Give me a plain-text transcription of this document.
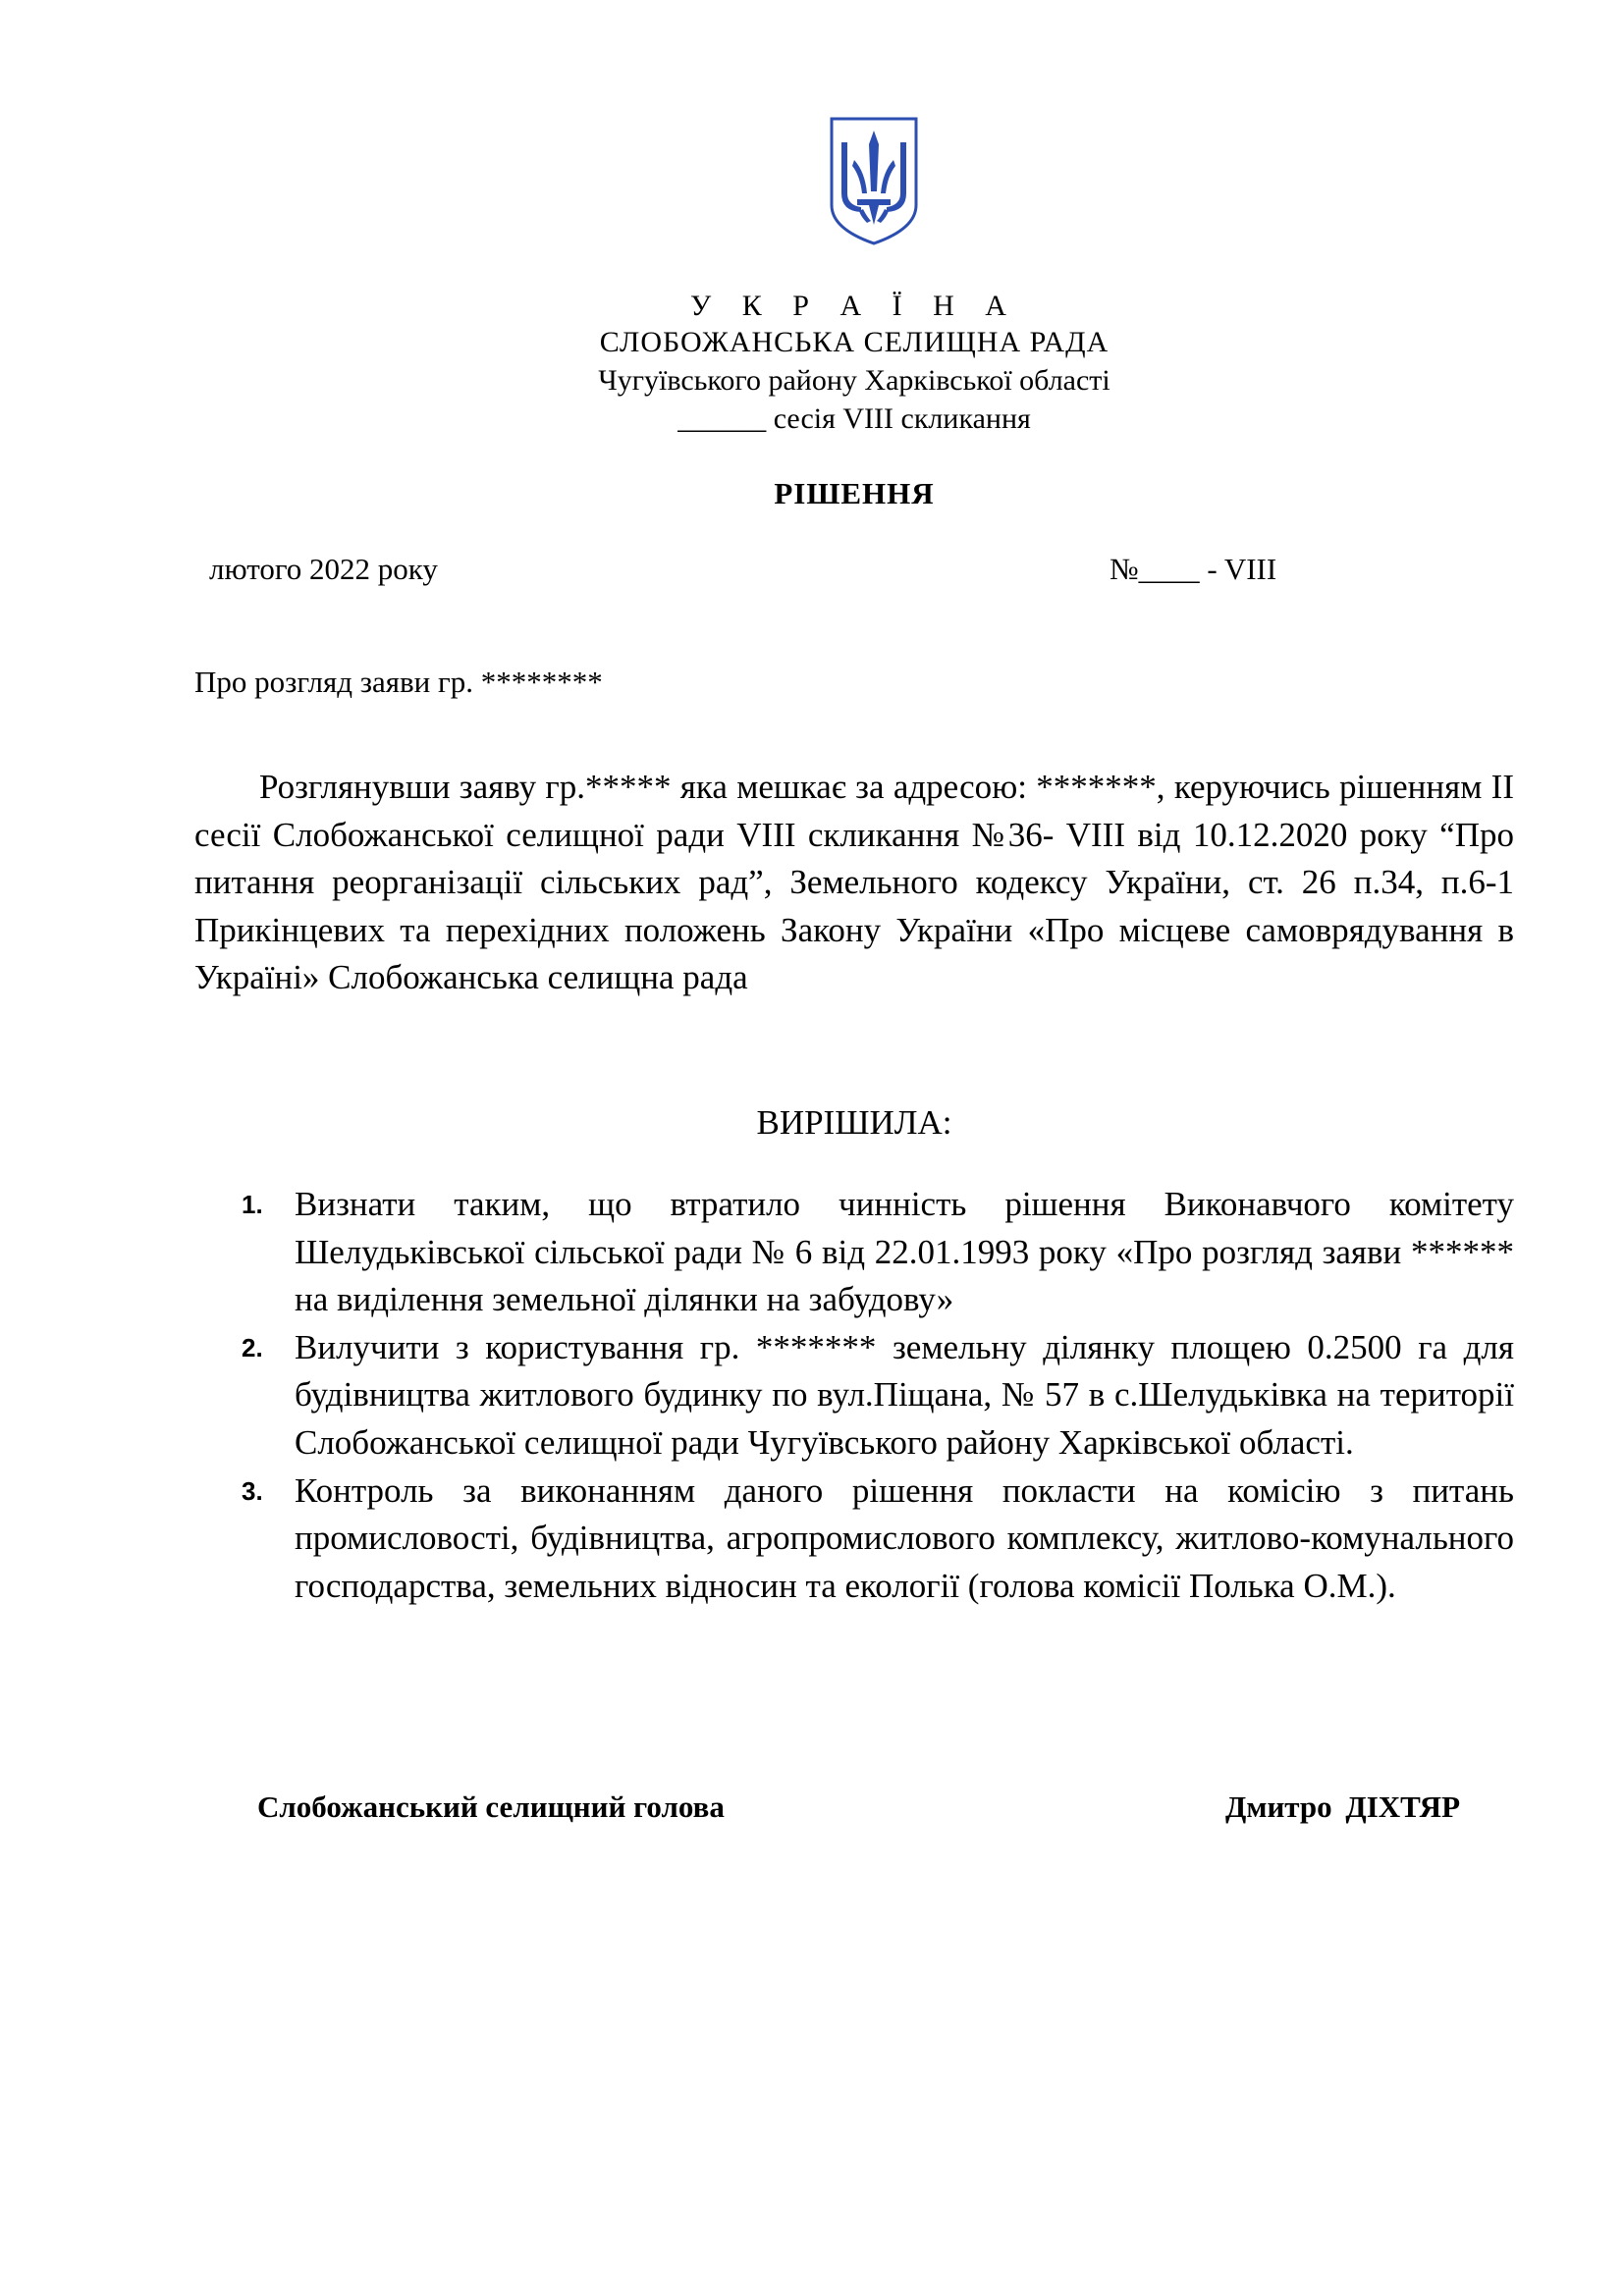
У К Р А Ї Н А
СЛОБОЖАНСЬКА СЕЛИЩНА РАДА
Чугуївського району Харківської області
______ сесія VIII скликання
РІШЕННЯ
лютого 2022 року	№____ - VIII
Про розгляд заяви гр. ********
Розглянувши заяву гр.***** яка мешкає за адресою: *******, керуючись рішенням ІІ сесії Слобожанської селищної ради VIII скликання №36- VIII від 10.12.2020 року “Про питання реорганізації сільських рад”, Земельного кодексу України, ст. 26 п.34, п.6-1 Прикінцевих та перехідних положень Закону України «Про місцеве самоврядування в Україні» Слобожанська селищна рада
ВИРІШИЛА:
1. Визнати таким, що втратило чинність рішення Виконавчого комітету Шелудьківської сільської ради № 6 від 22.01.1993 року «Про розгляд заяви ****** на виділення земельної ділянки на забудову»
2. Вилучити з користування гр. ******* земельну ділянку площею 0.2500 га для будівництва житлового будинку по вул.Піщана, № 57 в с.Шелудьківка на території Слобожанської селищної ради Чугуївського району Харківської області.
3. Контроль за виконанням даного рішення покласти на комісію з питань промисловості, будівництва, агропромислового комплексу, житлово-комунального господарства, земельних відносин та екології (голова комісії Полька О.М.).
Слобожанський селищний голова	Дмитро ДІХТЯР
